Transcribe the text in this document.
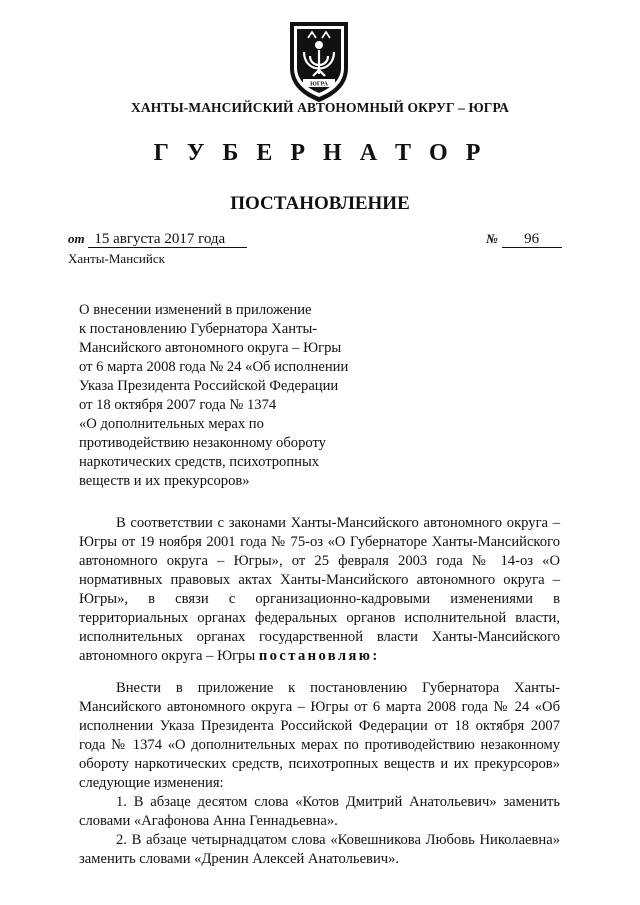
ЮГРА
ХАНТЫ-МАНСИЙСКИЙ АВТОНОМНЫЙ ОКРУГ – ЮГРА
Г У Б Е Р Н А Т О Р
ПОСТАНОВЛЕНИЕ
от 15 августа 2017 года	№ 96
Ханты-Мансийск
О внесении изменений в приложение
к постановлению Губернатора Ханты-
Мансийского автономного округа – Югры
от 6 марта 2008 года № 24 «Об исполнении
Указа Президента Российской Федерации
от 18 октября 2007 года № 1374
«О дополнительных мерах по
противодействию незаконному обороту
наркотических средств, психотропных
веществ и их прекурсоров»

В соответствии с законами Ханты-Мансийского автономного округа – Югры от 19 ноября 2001 года № 75-оз «О Губернаторе Ханты-Мансийского автономного округа – Югры», от 25 февраля 2003 года № 14-оз «О нормативных правовых актах Ханты-Мансийского автономного округа – Югры», в связи с организационно-кадровыми изменениями в территориальных органах федеральных органов исполнительной власти, исполнительных органах государственной власти Ханты-Мансийского автономного округа – Югры постановляю:

Внести в приложение к постановлению Губернатора Ханты-Мансийского автономного округа – Югры от 6 марта 2008 года № 24 «Об исполнении Указа Президента Российской Федерации от 18 октября 2007 года № 1374 «О дополнительных мерах по противодействию незаконному обороту наркотических средств, психотропных веществ и их прекурсоров» следующие изменения:

1. В абзаце десятом слова «Котов Дмитрий Анатольевич» заменить словами «Агафонова Анна Геннадьевна».

2. В абзаце четырнадцатом слова «Ковешникова Любовь Николаевна» заменить словами «Дренин Алексей Анатольевич».
